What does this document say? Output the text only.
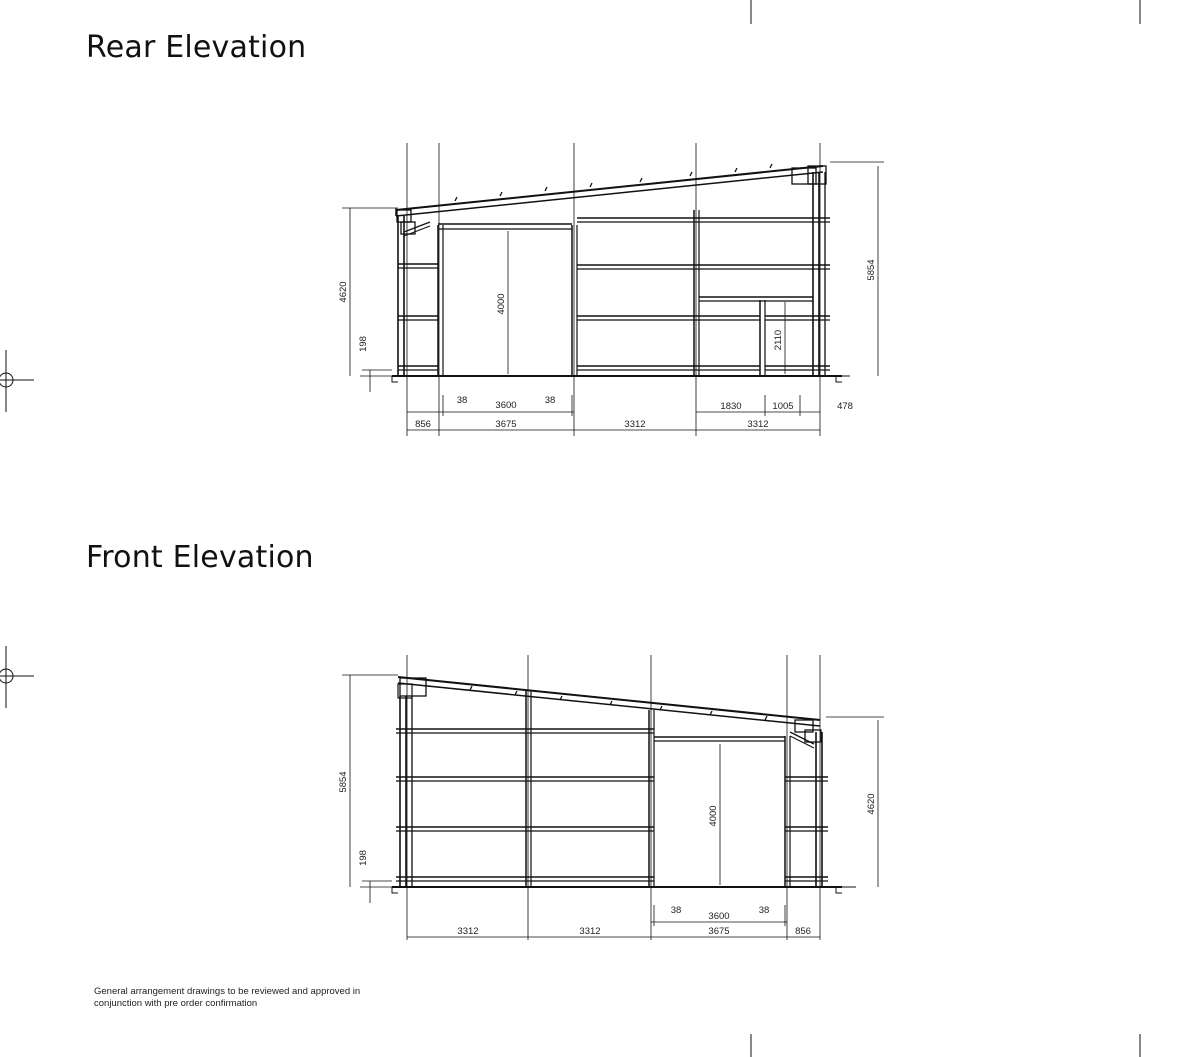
Rear Elevation
Front Elevation
5854
4620
4000
198	2110
38	3600	38
1830	1005	478
856	3675	3312	3312
5854
4620
4000
198
38
3600
38
3312	3312	3675	856
General arrangement drawings to be reviewed and approved in
conjunction with pre order confirmation
